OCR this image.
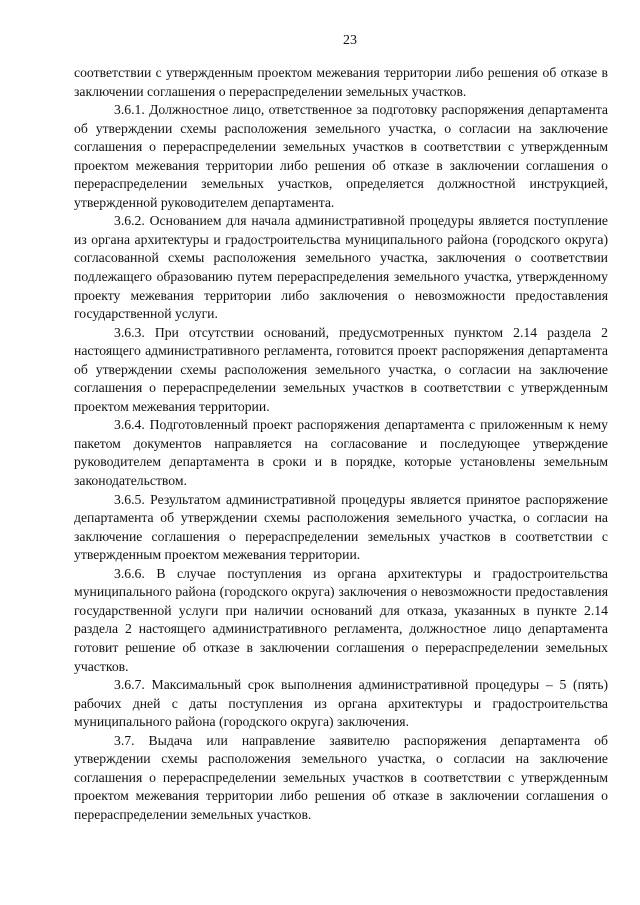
23

соответствии с утвержденным проектом межевания территории либо решения об отказе в заключении соглашения о перераспределении земельных участков.

3.6.1. Должностное лицо, ответственное за подготовку распоряжения департамента об утверждении схемы расположения земельного участка, о согласии на заключение соглашения о перераспределении земельных участков в соответствии с утвержденным проектом межевания территории либо решения об отказе в заключении соглашения о перераспределении земельных участков, определяется должностной инструкцией, утвержденной руководителем департамента.

3.6.2. Основанием для начала административной процедуры является поступление из органа архитектуры и градостроительства муниципального района (городского округа) согласованной схемы расположения земельного участка, заключения о соответствии подлежащего образованию путем перераспределения земельного участка, утвержденному проекту межевания территории либо заключения о невозможности предоставления государственной услуги.

3.6.3. При отсутствии оснований, предусмотренных пунктом 2.14 раздела 2 настоящего административного регламента, готовится проект распоряжения департамента об утверждении схемы расположения земельного участка, о согласии на заключение соглашения о перераспределении земельных участков в соответствии с утвержденным проектом межевания территории.

3.6.4. Подготовленный проект распоряжения департамента с приложенным к нему пакетом документов направляется на согласование и последующее утверждение руководителем департамента в сроки и в порядке, которые установлены земельным законодательством.

3.6.5. Результатом административной процедуры является принятое распоряжение департамента об утверждении схемы расположения земельного участка, о согласии на заключение соглашения о перераспределении земельных участков в соответствии с утвержденным проектом межевания территории.

3.6.6. В случае поступления из органа архитектуры и градостроительства муниципального района (городского округа) заключения о невозможности предоставления государственной услуги при наличии оснований для отказа, указанных в пункте 2.14 раздела 2 настоящего административного регламента, должностное лицо департамента готовит решение об отказе в заключении соглашения о перераспределении земельных участков.

3.6.7. Максимальный срок выполнения административной процедуры – 5 (пять) рабочих дней с даты поступления из органа архитектуры и градостроительства муниципального района (городского округа) заключения.

3.7. Выдача или направление заявителю распоряжения департамента об утверждении схемы расположения земельного участка, о согласии на заключение соглашения о перераспределении земельных участков в соответствии с утвержденным проектом межевания территории либо решения об отказе в заключении соглашения о перераспределении земельных участков.
